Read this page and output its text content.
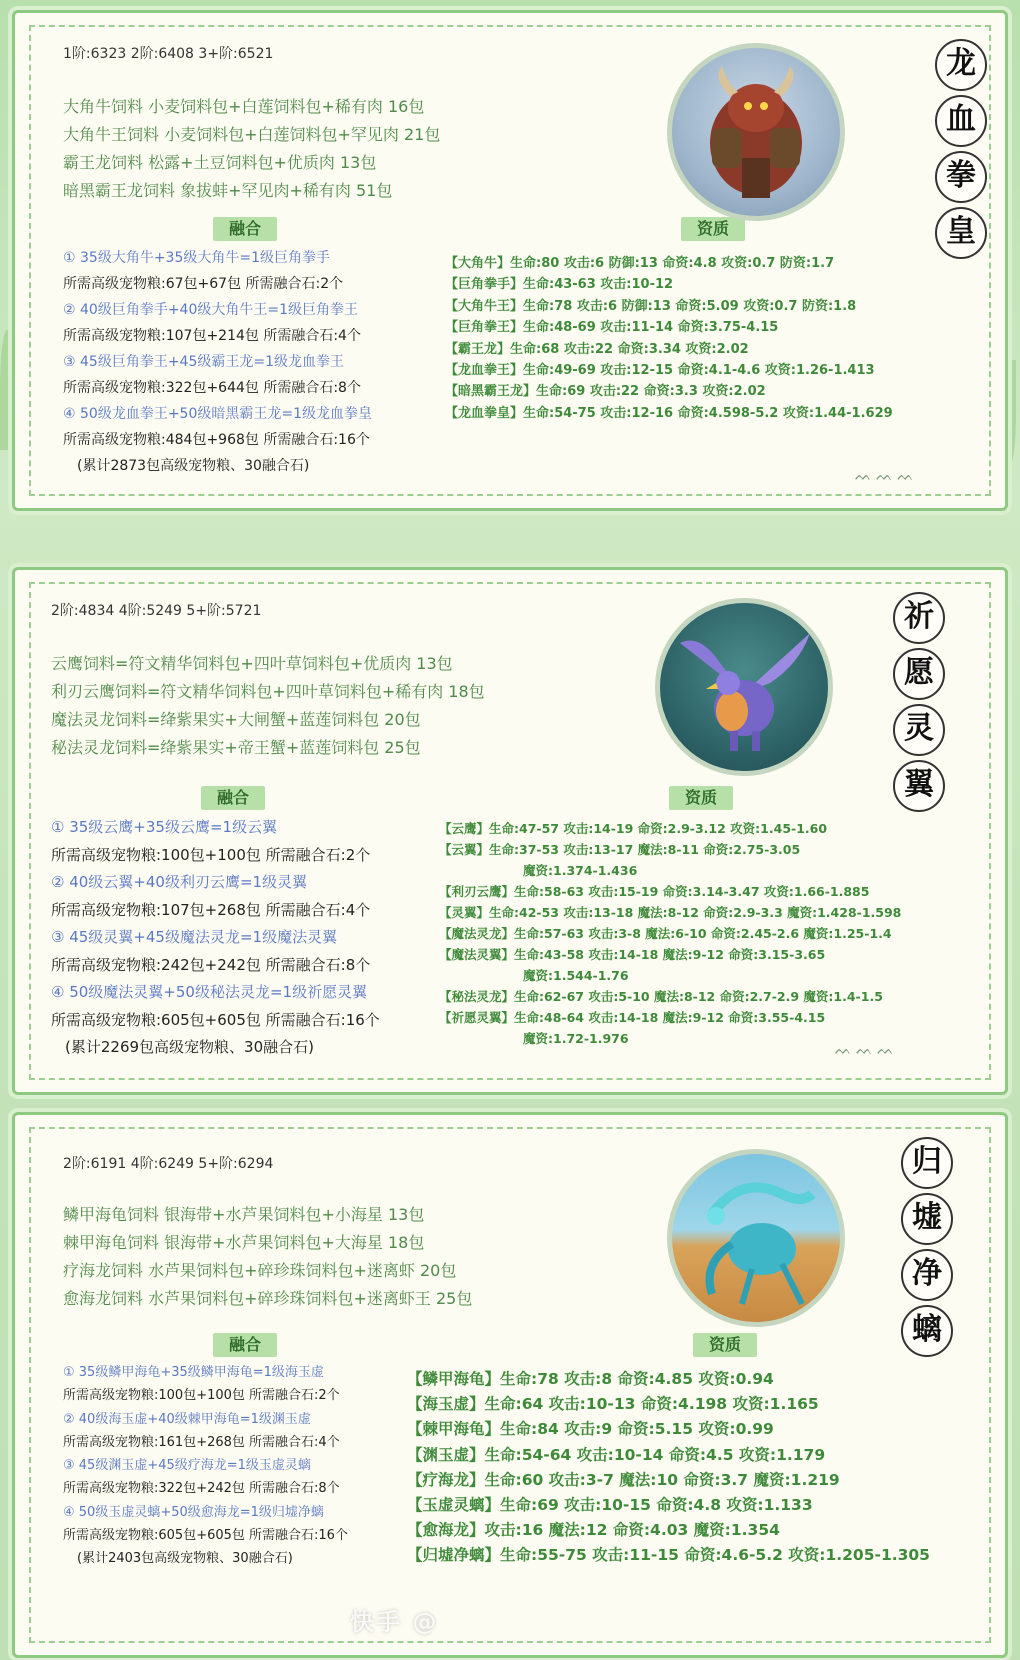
1阶:6323 2阶:6408 3+阶:6521
大角牛饲料 小麦饲料包+白莲饲料包+稀有肉 16包
大角牛王饲料 小麦饲料包+白莲饲料包+罕见肉 21包
霸王龙饲料 松露+土豆饲料包+优质肉 13包
暗黑霸王龙饲料 象拔蚌+罕见肉+稀有肉 51包
融合	资质
① 35级大角牛+35级大角牛=1级巨角拳手
所需高级宠物粮:67包+67包 所需融合石:2个
② 40级巨角拳手+40级大角牛王=1级巨角拳王
所需高级宠物粮:107包+214包 所需融合石:4个
③ 45级巨角拳王+45级霸王龙=1级龙血拳王
所需高级宠物粮:322包+644包 所需融合石:8个
④ 50级龙血拳王+50级暗黑霸王龙=1级龙血拳皇
所需高级宠物粮:484包+968包 所需融合石:16个
(累计2873包高级宠物粮、30融合石)
【大角牛】生命:80 攻击:6 防御:13 命资:4.8 攻资:0.7 防资:1.7
【巨角拳手】生命:43-63 攻击:10-12
【大角牛王】生命:78 攻击:6 防御:13 命资:5.09 攻资:0.7 防资:1.8
【巨角拳王】生命:48-69 攻击:11-14 命资:3.75-4.15
【霸王龙】生命:68 攻击:22 命资:3.34 攻资:2.02
【龙血拳王】生命:49-69 攻击:12-15 命资:4.1-4.6 攻资:1.26-1.413
【暗黑霸王龙】生命:69 攻击:22 命资:3.3 攻资:2.02
【龙血拳皇】生命:54-75 攻击:12-16 命资:4.598-5.2 攻资:1.44-1.629
龙
血
拳
皇
ᨓ ᨓ ᨓ
2阶:4834 4阶:5249 5+阶:5721
云鹰饲料=符文精华饲料包+四叶草饲料包+优质肉 13包
利刃云鹰饲料=符文精华饲料包+四叶草饲料包+稀有肉 18包
魔法灵龙饲料=绛紫果实+大闸蟹+蓝莲饲料包 20包
秘法灵龙饲料=绛紫果实+帝王蟹+蓝莲饲料包 25包
融合	资质
① 35级云鹰+35级云鹰=1级云翼
所需高级宠物粮:100包+100包 所需融合石:2个
② 40级云翼+40级利刃云鹰=1级灵翼
所需高级宠物粮:107包+268包 所需融合石:4个
③ 45级灵翼+45级魔法灵龙=1级魔法灵翼
所需高级宠物粮:242包+242包 所需融合石:8个
④ 50级魔法灵翼+50级秘法灵龙=1级祈愿灵翼
所需高级宠物粮:605包+605包 所需融合石:16个
(累计2269包高级宠物粮、30融合石)
【云鹰】生命:47-57 攻击:14-19 命资:2.9-3.12 攻资:1.45-1.60
【云翼】生命:37-53 攻击:13-17 魔法:8-11 命资:2.75-3.05
魔资:1.374-1.436
【利刃云鹰】生命:58-63 攻击:15-19 命资:3.14-3.47 攻资:1.66-1.885
【灵翼】生命:42-53 攻击:13-18 魔法:8-12 命资:2.9-3.3 魔资:1.428-1.598
【魔法灵龙】生命:57-63 攻击:3-8 魔法:6-10 命资:2.45-2.6 魔资:1.25-1.4
【魔法灵翼】生命:43-58 攻击:14-18 魔法:9-12 命资:3.15-3.65
魔资:1.544-1.76
【秘法灵龙】生命:62-67 攻击:5-10 魔法:8-12 命资:2.7-2.9 魔资:1.4-1.5
【祈愿灵翼】生命:48-64 攻击:14-18 魔法:9-12 命资:3.55-4.15
魔资:1.72-1.976
祈
愿
灵
翼
ᨓ ᨓ ᨓ
2阶:6191 4阶:6249 5+阶:6294
鳞甲海龟饲料 银海带+水芦果饲料包+小海星 13包
棘甲海龟饲料 银海带+水芦果饲料包+大海星 18包
疗海龙饲料 水芦果饲料包+碎珍珠饲料包+迷离虾 20包
愈海龙饲料 水芦果饲料包+碎珍珠饲料包+迷离虾王 25包
融合	资质
① 35级鳞甲海龟+35级鳞甲海龟=1级海玉虚
所需高级宠物粮:100包+100包 所需融合石:2个
② 40级海玉虚+40级棘甲海龟=1级渊玉虚
所需高级宠物粮:161包+268包 所需融合石:4个
③ 45级渊玉虚+45级疗海龙=1级玉虚灵螭
所需高级宠物粮:322包+242包 所需融合石:8个
④ 50级玉虚灵螭+50级愈海龙=1级归墟净螭
所需高级宠物粮:605包+605包 所需融合石:16个
(累计2403包高级宠物粮、30融合石)
【鳞甲海龟】生命:78 攻击:8 命资:4.85 攻资:0.94
【海玉虚】生命:64 攻击:10-13 命资:4.198 攻资:1.165
【棘甲海龟】生命:84 攻击:9 命资:5.15 攻资:0.99
【渊玉虚】生命:54-64 攻击:10-14 命资:4.5 攻资:1.179
【疗海龙】生命:60 攻击:3-7 魔法:10 命资:3.7 魔资:1.219
【玉虚灵螭】生命:69 攻击:10-15 命资:4.8 攻资:1.133
【愈海龙】攻击:16 魔法:12 命资:4.03 魔资:1.354
【归墟净螭】生命:55-75 攻击:11-15 命资:4.6-5.2 攻资:1.205-1.305
归
墟
净
螭
快手 @
